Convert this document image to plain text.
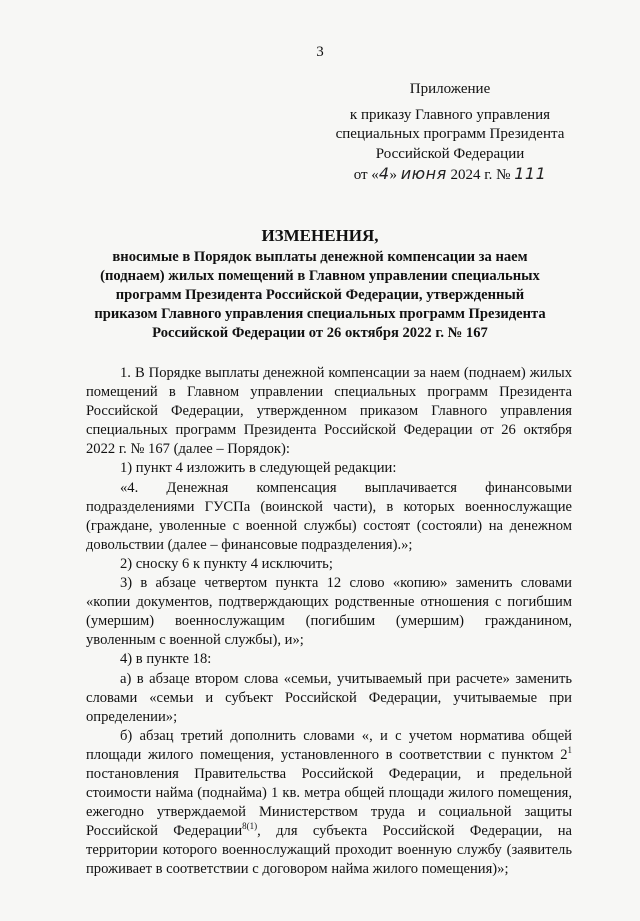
3
Приложение
к приказу Главного управления
специальных программ Президента
Российской Федерации
от «4» июня 2024 г. № 111
ИЗМЕНЕНИЯ,
вносимые в Порядок выплаты денежной компенсации за наем (поднаем) жилых помещений в Главном управлении специальных программ Президента Российской Федерации, утвержденный приказом Главного управления специальных программ Президента Российской Федерации от 26 октября 2022 г. № 167

1. В Порядке выплаты денежной компенсации за наем (поднаем) жилых помещений в Главном управлении специальных программ Президента Российской Федерации, утвержденном приказом Главного управления специальных программ Президента Российской Федерации от 26 октября 2022 г. № 167 (далее – Порядок):

1) пункт 4 изложить в следующей редакции:

«4. Денежная компенсация выплачивается финансовыми подразделениями ГУСПа (воинской части), в которых военнослужащие (граждане, уволенные с военной службы) состоят (состояли) на денежном довольствии (далее – финансовые подразделения).»;

2) сноску 6 к пункту 4 исключить;

3) в абзаце четвертом пункта 12 слово «копию» заменить словами «копии документов, подтверждающих родственные отношения с погибшим (умершим) военнослужащим (погибшим (умершим) гражданином, уволенным с военной службы), и»;

4) в пункте 18:

а) в абзаце втором слова «семьи, учитываемый при расчете» заменить словами «семьи и субъект Российской Федерации, учитываемые при определении»;

б) абзац третий дополнить словами «, и с учетом норматива общей площади жилого помещения, установленного в соответствии с пунктом $2^1$ постановления Правительства Российской Федерации, и предельной стоимости найма (поднайма) 1 кв. метра общей площади жилого помещения, ежегодно утверждаемой Министерством труда и социальной защиты Российской Федерации$^{8(1)}$, для субъекта Российской Федерации, на территории которого военнослужащий проходит военную службу (заявитель проживает в соответствии с договором найма жилого помещения)»;
